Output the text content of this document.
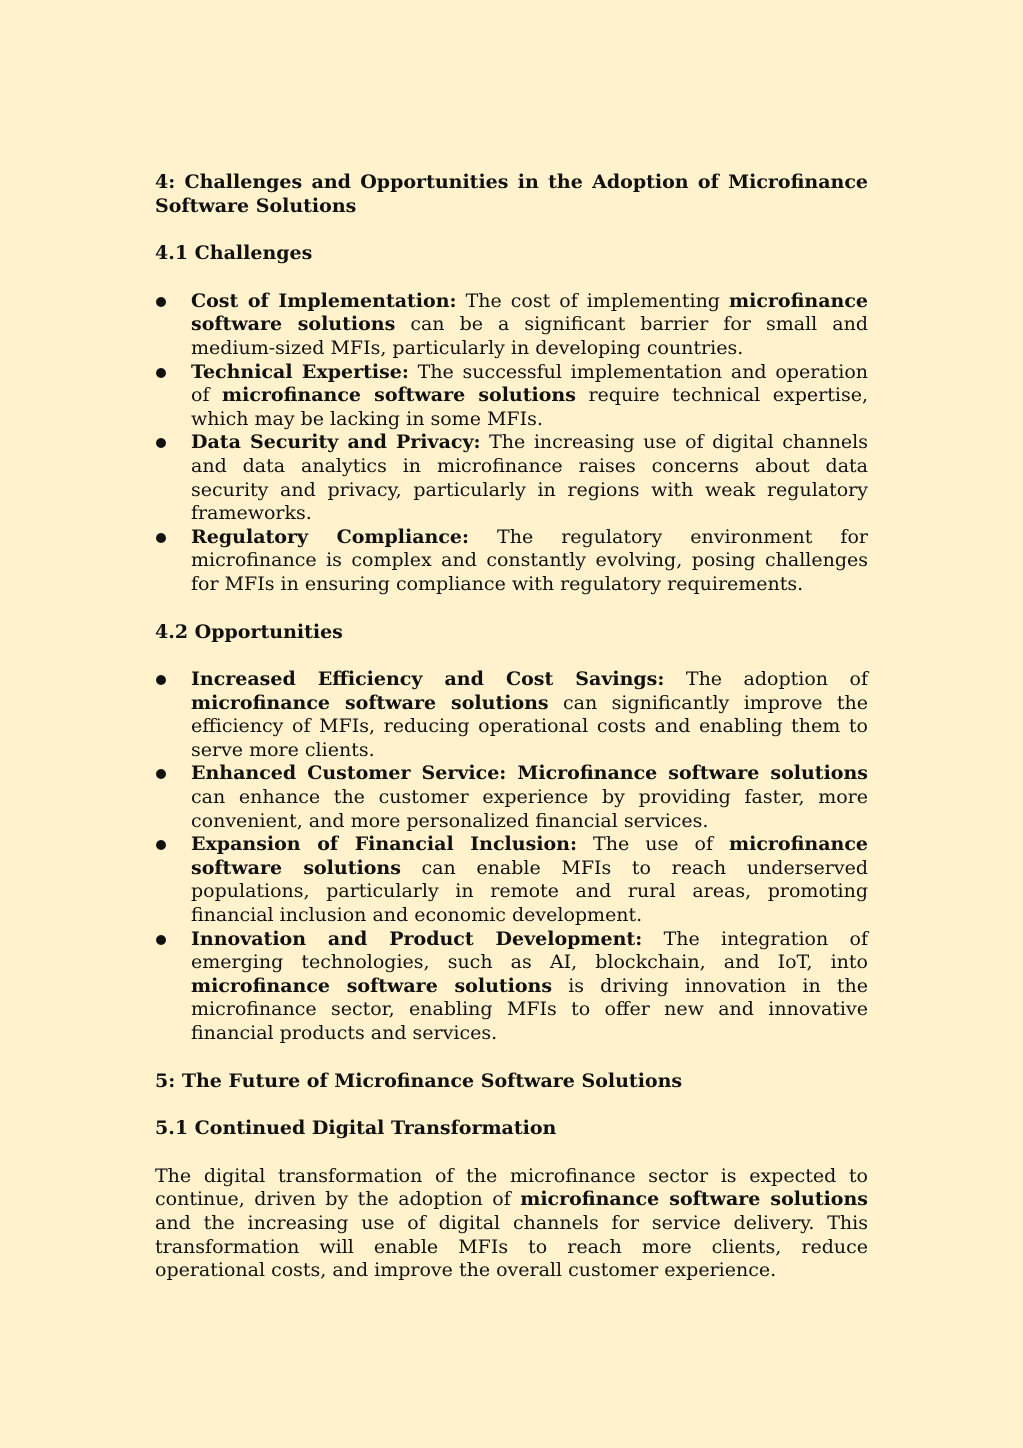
4: Challenges and Opportunities in the Adoption of Microfinance Software Solutions
4.1 Challenges
Cost of Implementation: The cost of implementing microfinance software solutions can be a significant barrier for small and medium-sized MFIs, particularly in developing countries.
Technical Expertise: The successful implementation and operation of microfinance software solutions require technical expertise, which may be lacking in some MFIs.
Data Security and Privacy: The increasing use of digital channels and data analytics in microfinance raises concerns about data security and privacy, particularly in regions with weak regulatory frameworks.
Regulatory Compliance: The regulatory environment for microfinance is complex and constantly evolving, posing challenges for MFIs in ensuring compliance with regulatory requirements.
4.2 Opportunities
Increased Efficiency and Cost Savings: The adoption of microfinance software solutions can significantly improve the efficiency of MFIs, reducing operational costs and enabling them to serve more clients.
Enhanced Customer Service: Microfinance software solutions can enhance the customer experience by providing faster, more convenient, and more personalized financial services.
Expansion of Financial Inclusion: The use of microfinance software solutions can enable MFIs to reach underserved populations, particularly in remote and rural areas, promoting financial inclusion and economic development.
Innovation and Product Development: The integration of emerging technologies, such as AI, blockchain, and IoT, into microfinance software solutions is driving innovation in the microfinance sector, enabling MFIs to offer new and innovative financial products and services.
5: The Future of Microfinance Software Solutions
5.1 Continued Digital Transformation

The digital transformation of the microfinance sector is expected to continue, driven by the adoption of microfinance software solutions and the increasing use of digital channels for service delivery. This transformation will enable MFIs to reach more clients, reduce operational costs, and improve the overall customer experience.
